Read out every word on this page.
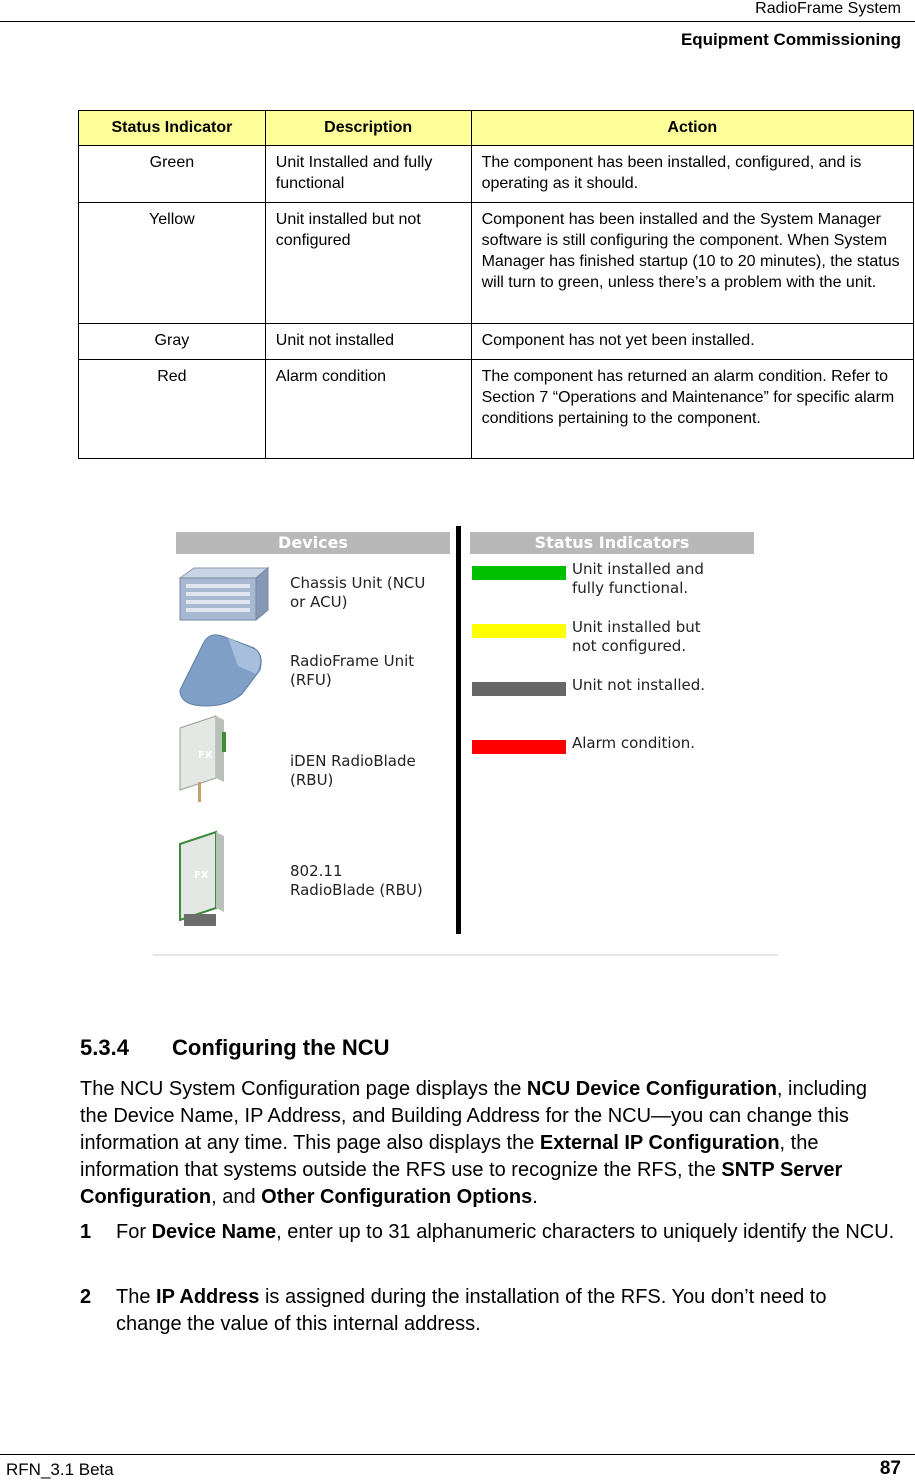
RadioFrame System
Equipment Commissioning
Status Indicator	Description	Action
Green	Unit Installed and fully functional	The component has been installed, configured, and is operating as it should.
Yellow	Unit installed but not configured	Component has been installed and the System Manager software is still configuring the component. When System Manager has finished startup (10 to 20 minutes), the status will turn to green, unless there’s a problem with the unit.
Gray	Unit not installed	Component has not yet been installed.
Red	Alarm condition	The component has returned an alarm condition. Refer to Section 7 “Operations and Maintenance” for specific alarm conditions pertaining to the component.
Devices	Status Indicators
Chassis Unit (NCU
or ACU)
RadioFrame Unit
(RFU)
FX	iDEN RadioBlade
(RBU)
FX	802.11
RadioBlade (RBU)
Unit installed and
fully functional.
Unit installed but
not configured.
Unit not installed.
Alarm condition.
5.3.4 Configuring the NCU
The NCU System Configuration page displays the NCU Device Configuration, including the Device Name, IP Address, and Building Address for the NCU—you can change this information at any time. This page also displays the External IP Configuration, the information that systems outside the RFS use to recognize the RFS, the SNTP Server Configuration, and Other Configuration Options.
1 For Device Name, enter up to 31 alphanumeric characters to uniquely identify the NCU.
2 The IP Address is assigned during the installation of the RFS. You don’t need to change the value of this internal address.
RFN_3.1 Beta	87
